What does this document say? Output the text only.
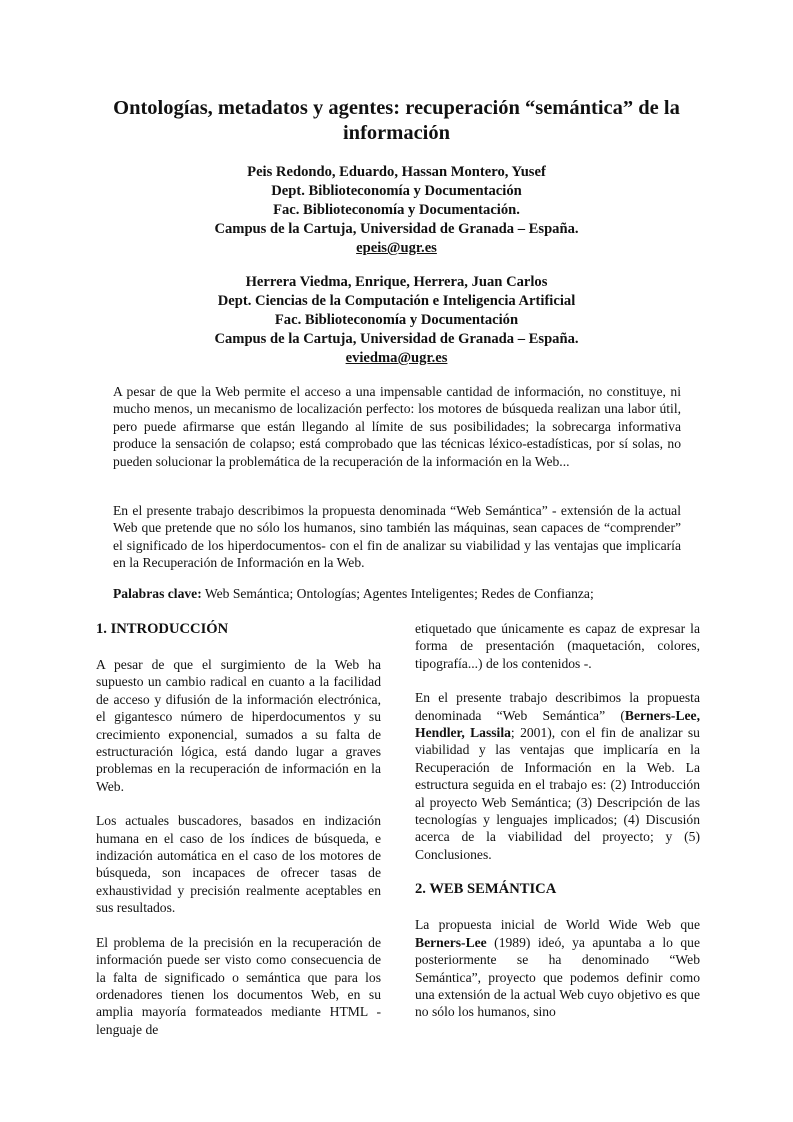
Ontologías, metadatos y agentes: recuperación “semántica” de la información
Peis Redondo, Eduardo, Hassan Montero, Yusef
Dept. Biblioteconomía y Documentación
Fac. Biblioteconomía y Documentación.
Campus de la Cartuja, Universidad de Granada – España.
epeis@ugr.es
Herrera Viedma, Enrique, Herrera, Juan Carlos
Dept. Ciencias de la Computación e Inteligencia Artificial
Fac. Biblioteconomía y Documentación
Campus de la Cartuja, Universidad de Granada – España.
eviedma@ugr.es

A pesar de que la Web permite el acceso a una impensable cantidad de información, no constituye, ni mucho menos, un mecanismo de localización perfecto: los motores de búsqueda realizan una labor útil, pero puede afirmarse que están llegando al límite de sus posibilidades; la sobrecarga informativa produce la sensación de colapso; está comprobado que las técnicas léxico-estadísticas, por sí solas, no pueden solucionar la problemática de la recuperación de la información en la Web...

En el presente trabajo describimos la propuesta denominada “Web Semántica” - extensión de la actual Web que pretende que no sólo los humanos, sino también las máquinas, sean capaces de “comprender” el significado de los hiperdocumentos- con el fin de analizar su viabilidad y las ventajas que implicaría en la Recuperación de Información en la Web.

Palabras clave: Web Semántica; Ontologías; Agentes Inteligentes; Redes de Confianza;

1. INTRODUCCIÓN

A pesar de que el surgimiento de la Web ha supuesto un cambio radical en cuanto a la facilidad de acceso y difusión de la información electrónica, el gigantesco número de hiperdocumentos y su crecimiento exponencial, sumados a su falta de estructuración lógica, está dando lugar a graves problemas en la recuperación de información en la Web.

Los actuales buscadores, basados en indización humana en el caso de los índices de búsqueda, e indización automática en el caso de los motores de búsqueda, son incapaces de ofrecer tasas de exhaustividad y precisión realmente aceptables en sus resultados.

El problema de la precisión en la recuperación de información puede ser visto como consecuencia de la falta de significado o semántica que para los ordenadores tienen los documentos Web, en su amplia mayoría formateados mediante HTML - lenguaje de

etiquetado que únicamente es capaz de expresar la forma de presentación (maquetación, colores, tipografía...) de los contenidos -.

En el presente trabajo describimos la propuesta denominada “Web Semántica” (Berners-Lee, Hendler, Lassila; 2001), con el fin de analizar su viabilidad y las ventajas que implicaría en la Recuperación de Información en la Web. La estructura seguida en el trabajo es: (2) Introducción al proyecto Web Semántica; (3) Descripción de las tecnologías y lenguajes implicados; (4) Discusión acerca de la viabilidad del proyecto; y (5) Conclusiones.

2. WEB SEMÁNTICA

La propuesta inicial de World Wide Web que Berners-Lee (1989) ideó, ya apuntaba a lo que posteriormente se ha denominado “Web Semántica”, proyecto que podemos definir como una extensión de la actual Web cuyo objetivo es que no sólo los humanos, sino
